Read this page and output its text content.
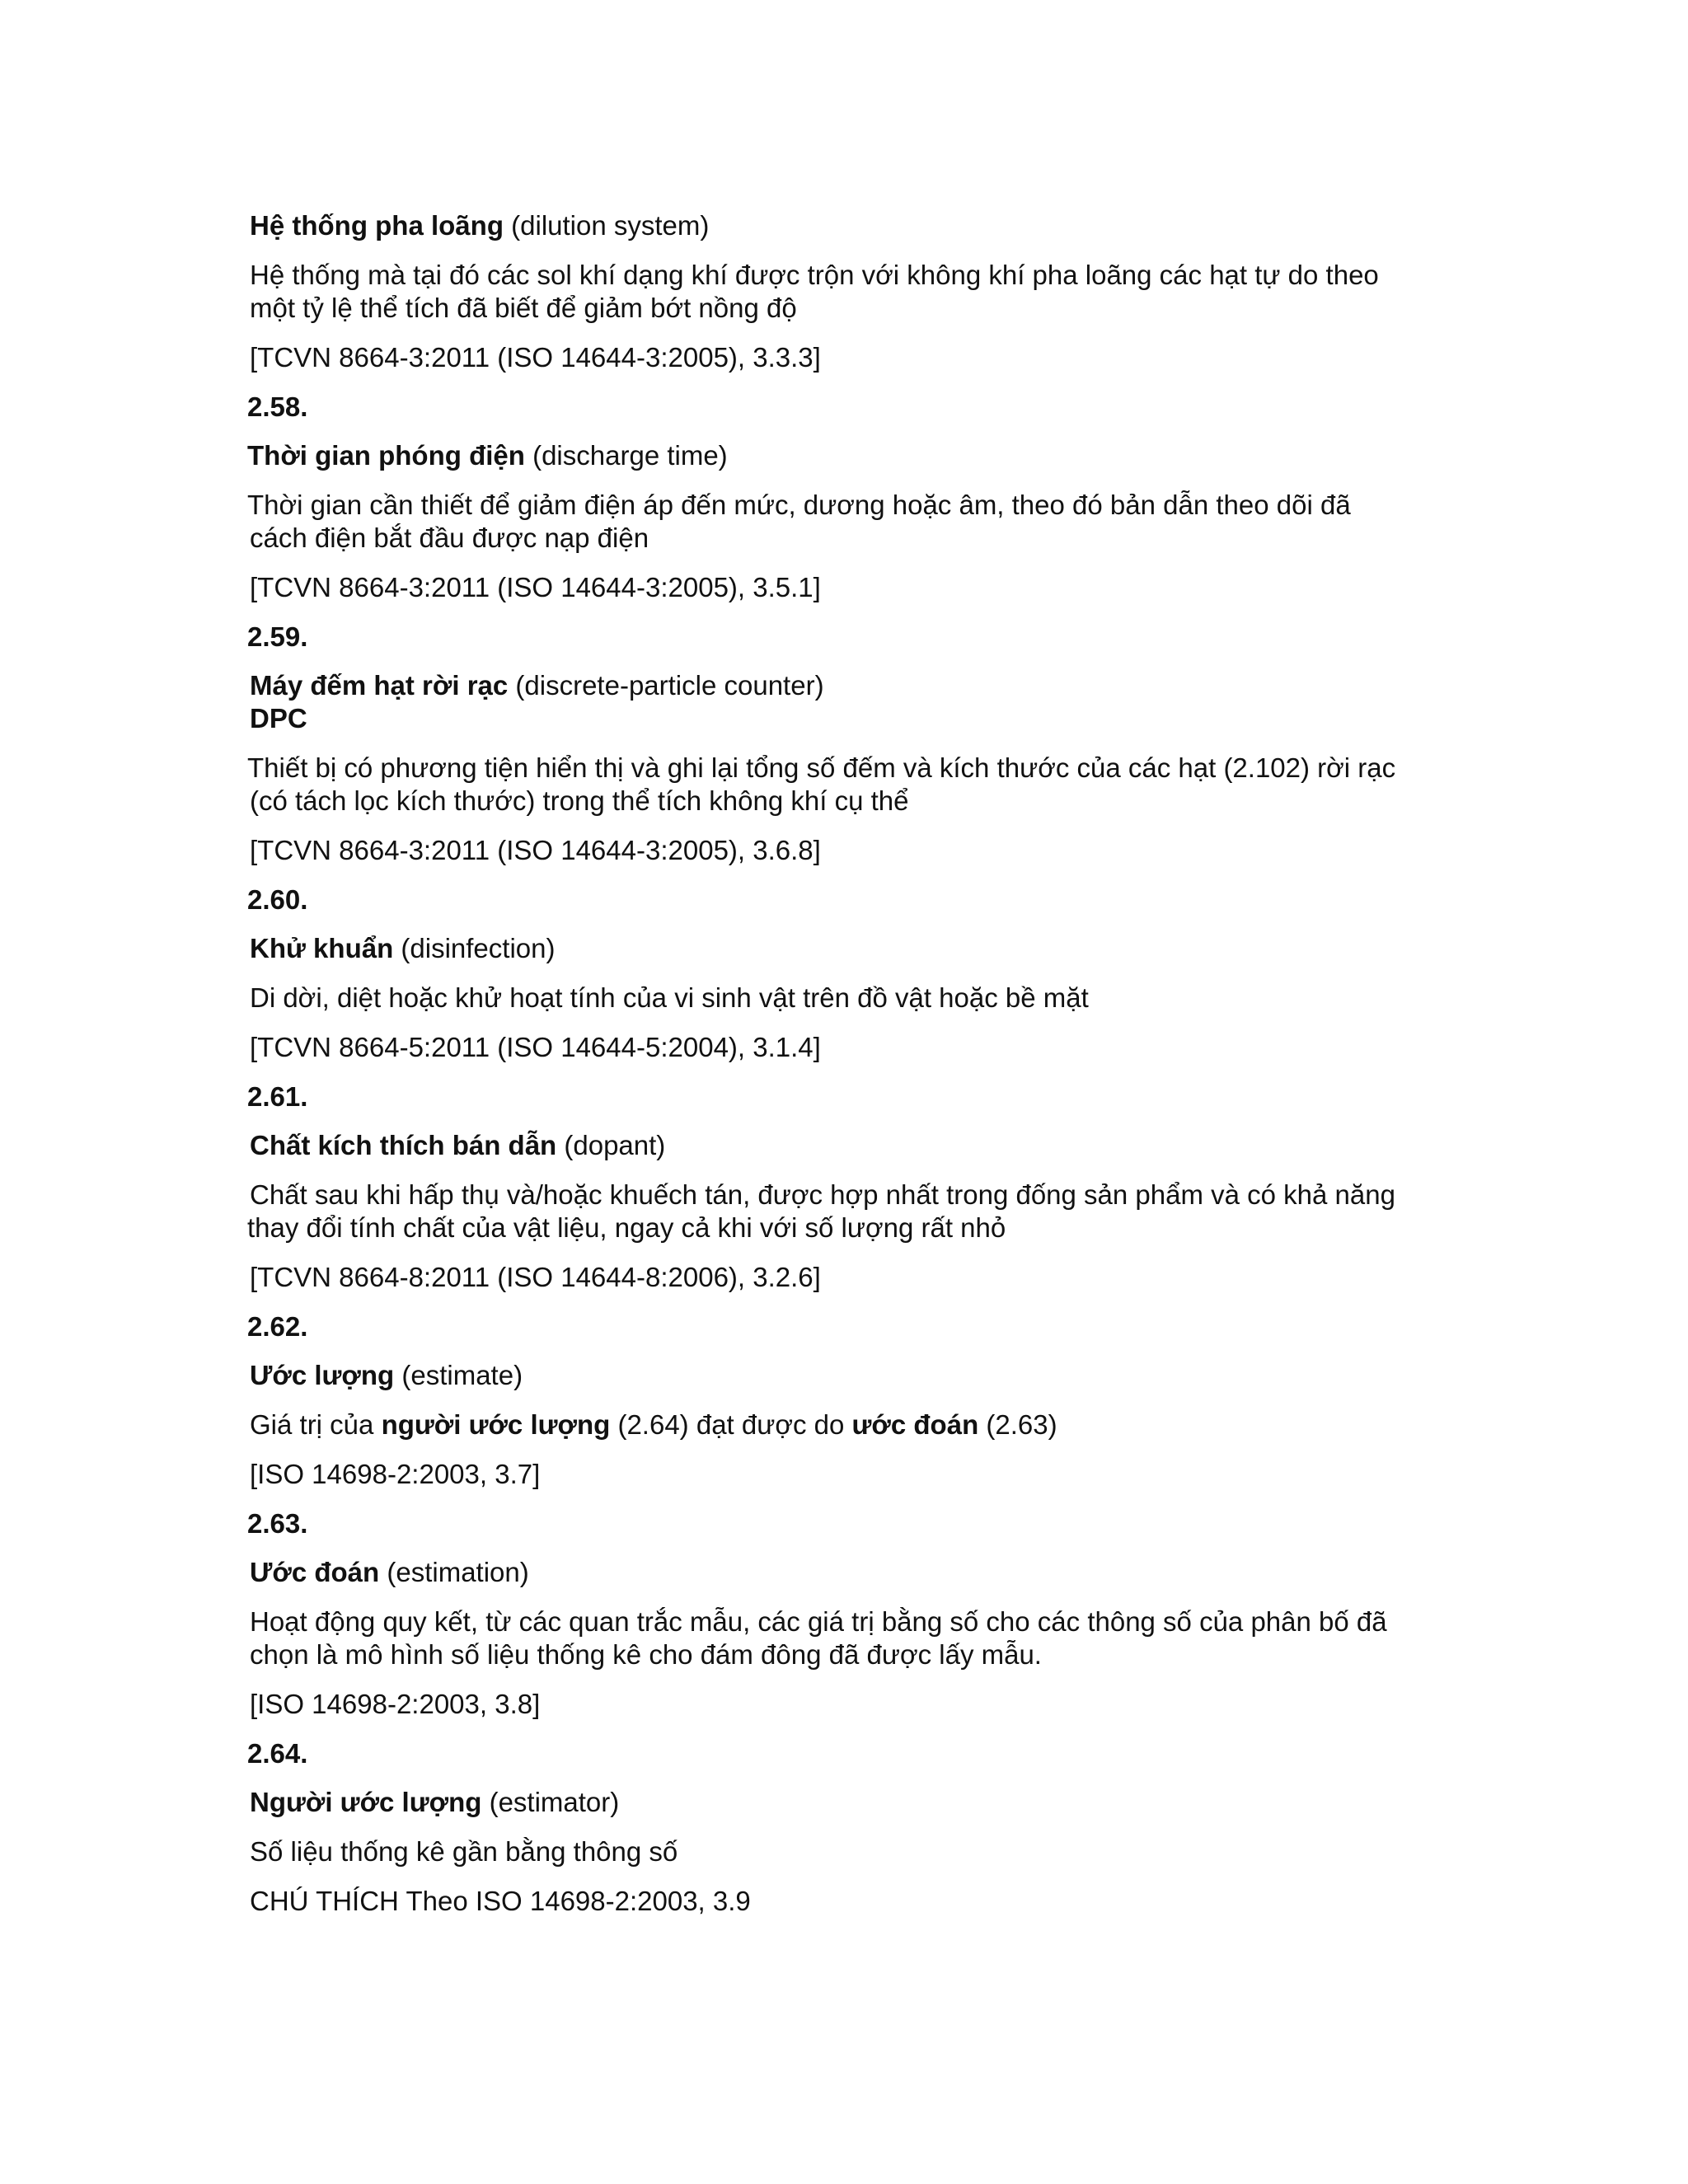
Hệ thống pha loãng (dilution system)

Hệ thống mà tại đó các sol khí dạng khí được trộn với không khí pha loãng các hạt tự do theo

một tỷ lệ thể tích đã biết để giảm bớt nồng độ

[TCVN 8664-3:2011 (ISO 14644-3:2005), 3.3.3]

2.58.

Thời gian phóng điện (discharge time)

Thời gian cần thiết để giảm điện áp đến mức, dương hoặc âm, theo đó bản dẫn theo dõi đã

cách điện bắt đầu được nạp điện

[TCVN 8664-3:2011 (ISO 14644-3:2005), 3.5.1]

2.59.

Máy đếm hạt rời rạc (discrete-particle counter)

DPC

Thiết bị có phương tiện hiển thị và ghi lại tổng số đếm và kích thước của các hạt (2.102) rời rạc

(có tách lọc kích thước) trong thể tích không khí cụ thể

[TCVN 8664-3:2011 (ISO 14644-3:2005), 3.6.8]

2.60.

Khử khuẩn (disinfection)

Di dời, diệt hoặc khử hoạt tính của vi sinh vật trên đồ vật hoặc bề mặt

[TCVN 8664-5:2011 (ISO 14644-5:2004), 3.1.4]

2.61.

Chất kích thích bán dẫn (dopant)

Chất sau khi hấp thụ và/hoặc khuếch tán, được hợp nhất trong đống sản phẩm và có khả năng

thay đổi tính chất của vật liệu, ngay cả khi với số lượng rất nhỏ

[TCVN 8664-8:2011 (ISO 14644-8:2006), 3.2.6]

2.62.

Ước lượng (estimate)

Giá trị của người ước lượng (2.64) đạt được do ước đoán (2.63)

[ISO 14698-2:2003, 3.7]

2.63.

Ước đoán (estimation)

Hoạt động quy kết, từ các quan trắc mẫu, các giá trị bằng số cho các thông số của phân bố đã

chọn là mô hình số liệu thống kê cho đám đông đã được lấy mẫu.

[ISO 14698-2:2003, 3.8]

2.64.

Người ước lượng (estimator)

Số liệu thống kê gần bằng thông số

CHÚ THÍCH Theo ISO 14698-2:2003, 3.9
